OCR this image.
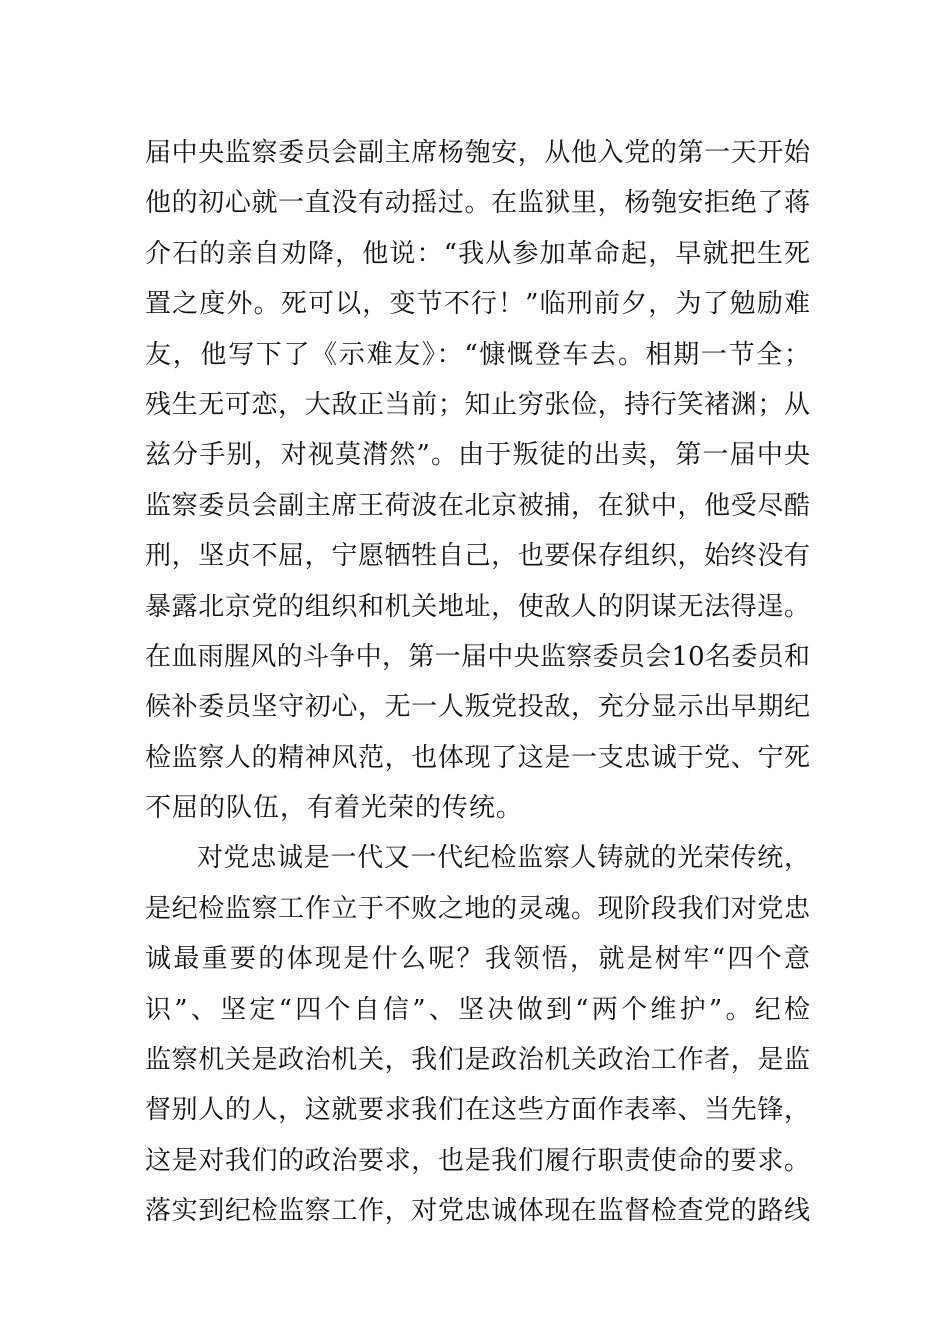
届中央监察委员会副主席杨匏安，从他入党的第一天开始
他的初心就一直没有动摇过。在监狱里，杨匏安拒绝了蒋
介石的亲自劝降，他说：“我从参加革命起，早就把生死
置之度外。死可以，变节不行！”临刑前夕，为了勉励难
友，他写下了《示难友》：“慷慨登车去。相期一节全；
残生无可恋，大敌正当前；知止穷张俭，持行笑褚渊；从
兹分手别，对视莫潸然”。由于叛徒的出卖，第一届中央
监察委员会副主席王荷波在北京被捕，在狱中，他受尽酷
刑，坚贞不屈，宁愿牺牲自己，也要保存组织，始终没有
暴露北京党的组织和机关地址，使敌人的阴谋无法得逞。
在血雨腥风的斗争中，第一届中央监察委员会10名委员和
候补委员坚守初心，无一人叛党投敌，充分显示出早期纪
检监察人的精神风范，也体现了这是一支忠诚于党、宁死
不屈的队伍，有着光荣的传统。
对党忠诚是一代又一代纪检监察人铸就的光荣传统，
是纪检监察工作立于不败之地的灵魂。现阶段我们对党忠
诚最重要的体现是什么呢？我领悟，就是树牢“四个意
识”、坚定“四个自信”、坚决做到“两个维护”。纪检
监察机关是政治机关，我们是政治机关政治工作者，是监
督别人的人，这就要求我们在这些方面作表率、当先锋，
这是对我们的政治要求，也是我们履行职责使命的要求。
落实到纪检监察工作，对党忠诚体现在监督检查党的路线
